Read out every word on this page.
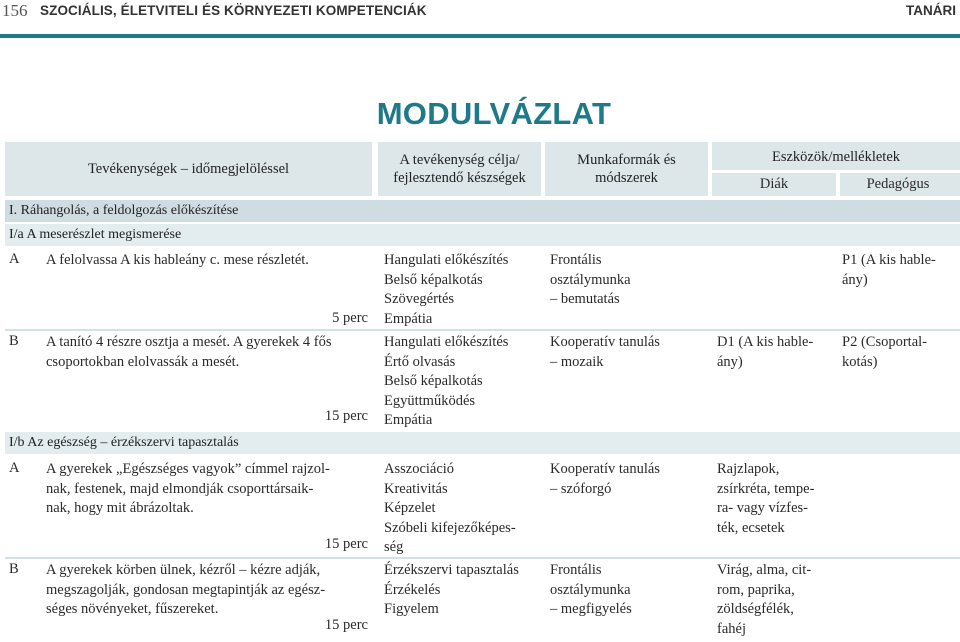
156 SZOCIÁLIS, ÉLETVITELI ÉS KÖRNYEZETI KOMPETENCIÁK	TANÁRI
MODULVÁZLAT
Tevékenységek – időmegjelöléssel
A tevékenység célja/
fejlesztendő készségek
Munkaformák és
módszerek
Eszközök/mellékletek
Diák	Pedagógus
I. Ráhangolás, a feldolgozás előkészítése
I/a A meserészlet megismerése
A A felolvassa A kis hableány c. mese részletét.
5 perc
Hangulati előkészítés
Belső képalkotás
Szövegértés
Empátia
Frontális
osztálymunka
– bemutatás
P1 (A kis hable-
ány)
B A tanító 4 részre osztja a mesét. A gyerekek 4 fős
csoportokban elolvassák a mesét.
15 perc
Hangulati előkészítés
Értő olvasás
Belső képalkotás
Együttműködés
Empátia
Kooperatív tanulás
– mozaik
D1 (A kis hable-
ány)
P2 (Csoportal-
kotás)
I/b Az egészség – érzékszervi tapasztalás
A A gyerekek „Egészséges vagyok” címmel rajzol-
nak, festenek, majd elmondják csoporttársaik-
nak, hogy mit ábrázoltak.
15 perc
Asszociáció
Kreativitás
Képzelet
Szóbeli kifejezőképes-
ség
Kooperatív tanulás
– szóforgó
Rajzlapok,
zsírkréta, tempe-
ra- vagy vízfes-
ték, ecsetek
B A gyerekek körben ülnek, kézről – kézre adják,
megszagolják, gondosan megtapintják az egész-
séges növényeket, fűszereket.
15 perc
Érzékszervi tapasztalás
Érzékelés
Figyelem
Frontális
osztálymunka
– megfigyelés
Virág, alma, cit-
rom, paprika,
zöldségfélék,
fahéj
